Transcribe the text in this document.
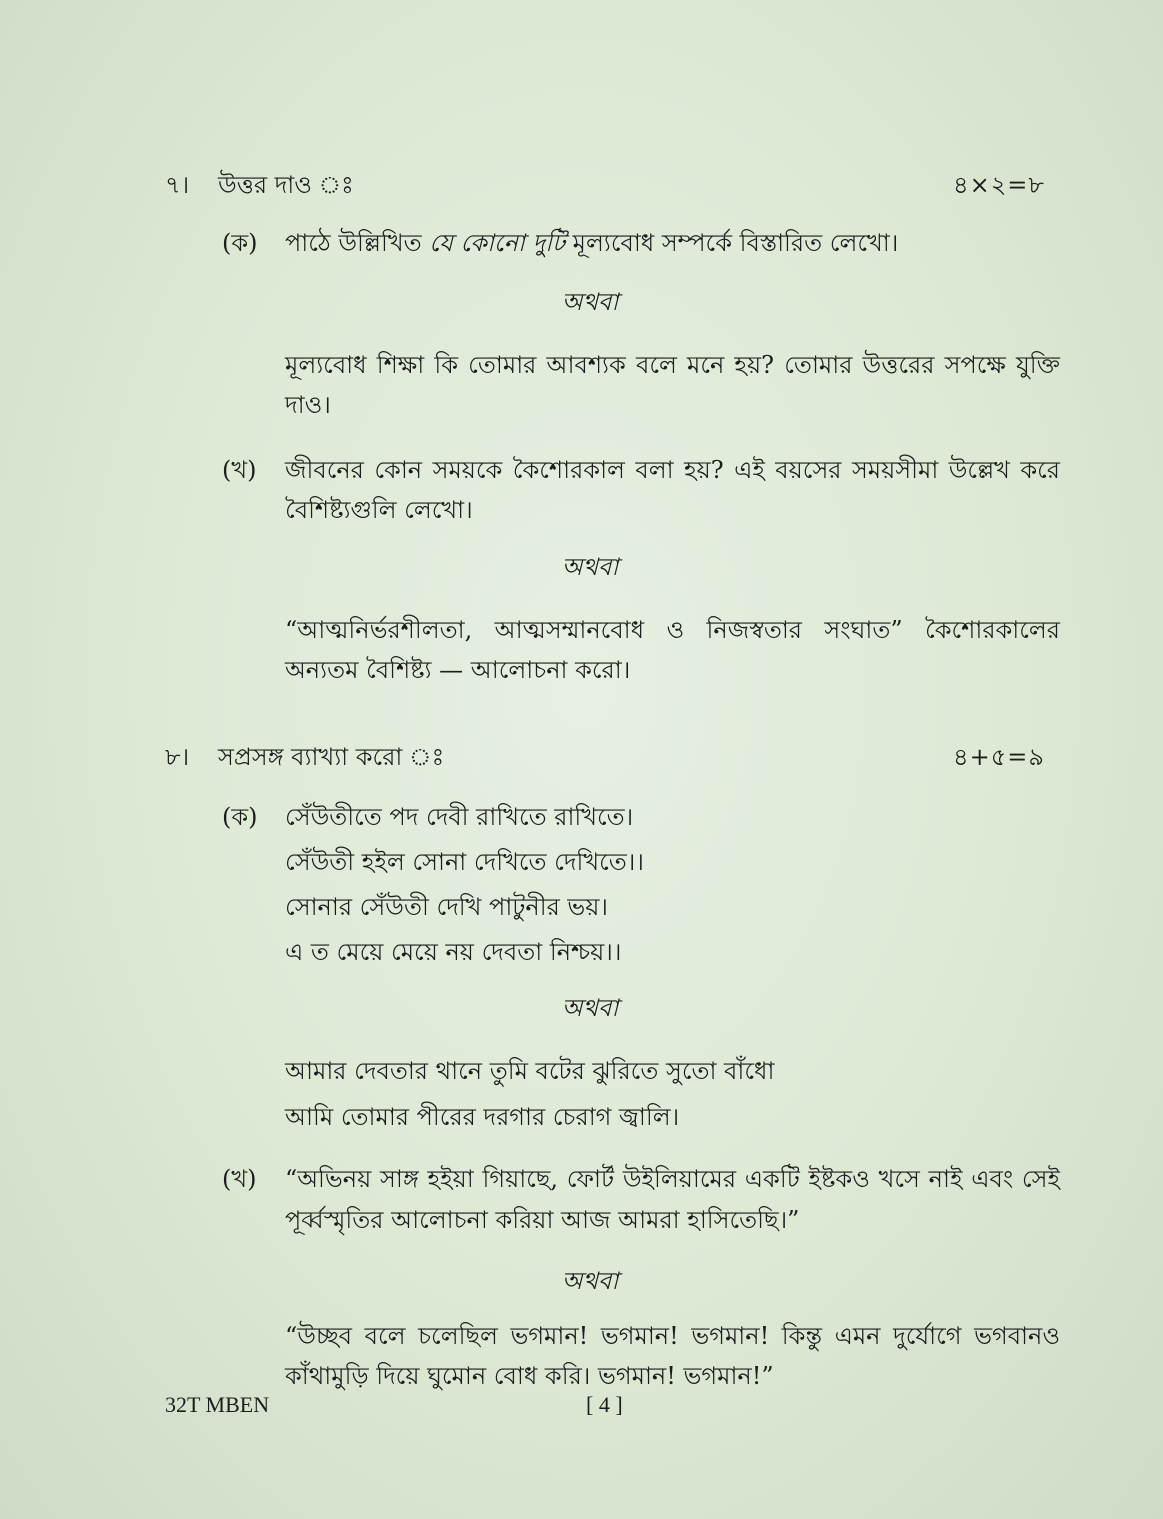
৭।	উত্তর দাও ঃ	৪×২=৮
(ক)	পাঠে উল্লিখিত যে কোনো দুটি মূল্যবোধ সম্পর্কে বিস্তারিত লেখো।
অথবা
মূল্যবোধ শিক্ষা কি তোমার আবশ্যক বলে মনে হয়? তোমার উত্তরের সপক্ষে যুক্তি দাও।
(খ)	জীবনের কোন সময়কে কৈশোরকাল বলা হয়? এই বয়সের সময়সীমা উল্লেখ করে বৈশিষ্ট্যগুলি লেখো।
অথবা
“আত্মনির্ভরশীলতা, আত্মসম্মানবোধ ও নিজস্বতার সংঘাত” কৈশোরকালের অন্যতম বৈশিষ্ট্য — আলোচনা করো।
৮।	সপ্রসঙ্গ ব্যাখ্যা করো ঃ	৪+৫=৯
(ক)	সেঁউতীতে পদ দেবী রাখিতে রাখিতে।
সেঁউতী হইল সোনা দেখিতে দেখিতে।।
সোনার সেঁউতী দেখি পাটুনীর ভয়।
এ ত মেয়ে মেয়ে নয় দেবতা নিশ্চয়।।
অথবা
আমার দেবতার থানে তুমি বটের ঝুরিতে সুতো বাঁধো
আমি তোমার পীরের দরগার চেরাগ জ্বালি।
(খ)	“অভিনয় সাঙ্গ হইয়া গিয়াছে, ফোর্ট উইলিয়ামের একটি ইষ্টকও খসে নাই এবং সেই পূর্ব্বস্মৃতির আলোচনা করিয়া আজ আমরা হাসিতেছি।”
অথবা
“উচ্ছব বলে চলেছিল ভগমান! ভগমান! ভগমান! কিন্তু এমন দুর্যোগে ভগবানও কাঁথামুড়ি দিয়ে ঘুমোন বোধ করি। ভগমান! ভগমান!”
32T MBEN	[ 4 ]
